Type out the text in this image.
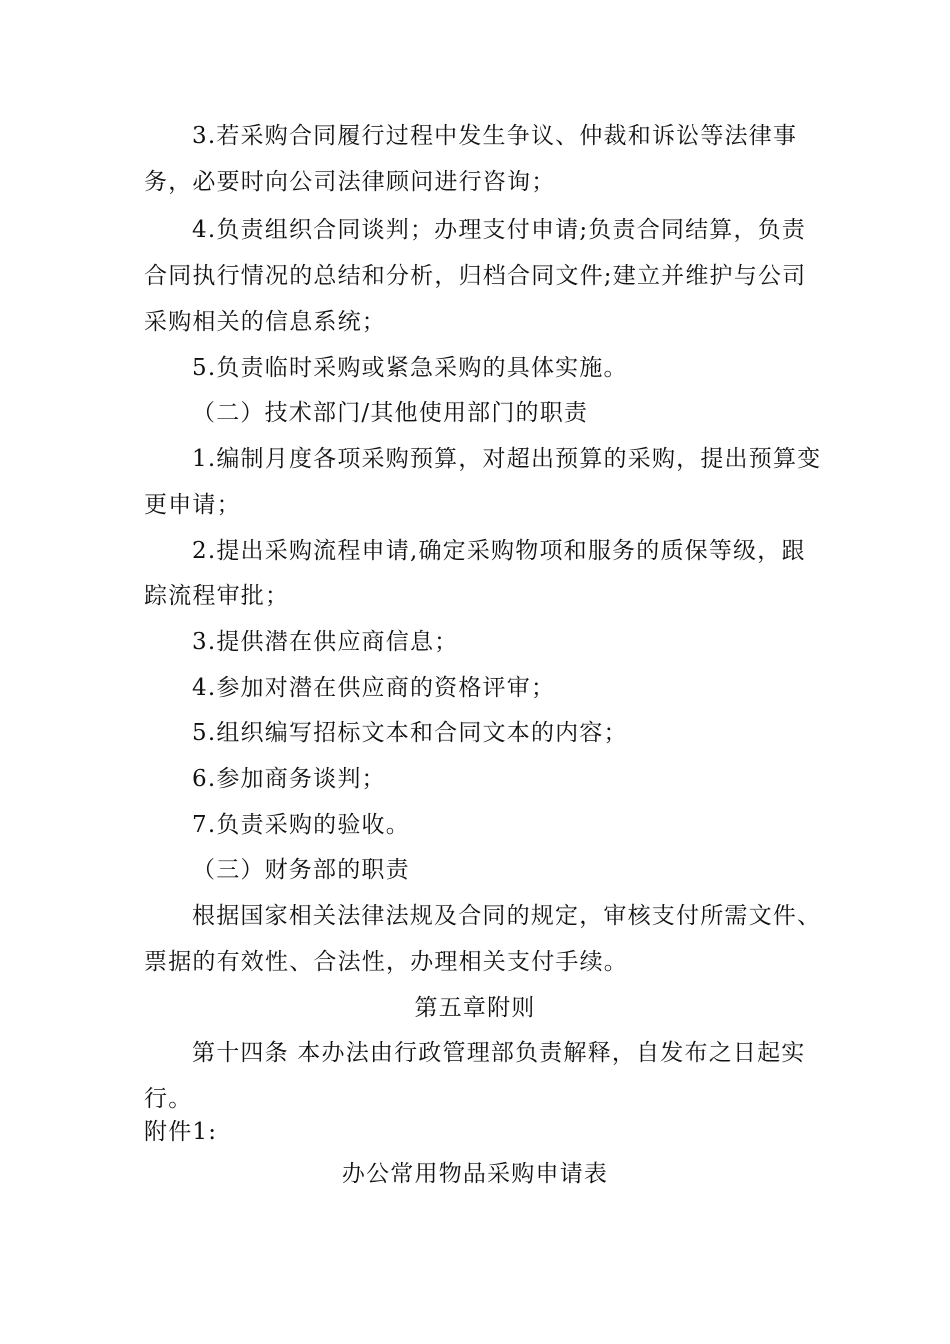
3.若采购合同履行过程中发生争议、仲裁和诉讼等法律事
务，必要时向公司法律顾问进行咨询；
4.负责组织合同谈判；办理支付申请;负责合同结算，负责
合同执行情况的总结和分析，归档合同文件;建立并维护与公司
采购相关的信息系统；
5.负责临时采购或紧急采购的具体实施。
（二）技术部门/其他使用部门的职责
1.编制月度各项采购预算，对超出预算的采购，提出预算变
更申请；
2.提出采购流程申请,确定采购物项和服务的质保等级，跟
踪流程审批；
3.提供潜在供应商信息；
4.参加对潜在供应商的资格评审；
5.组织编写招标文本和合同文本的内容；
6.参加商务谈判；
7.负责采购的验收。
（三）财务部的职责
根据国家相关法律法规及合同的规定，审核支付所需文件、
票据的有效性、合法性，办理相关支付手续。
第五章附则
第十四条 本办法由行政管理部负责解释，自发布之日起实
行。
附件1:
办公常用物品采购申请表
